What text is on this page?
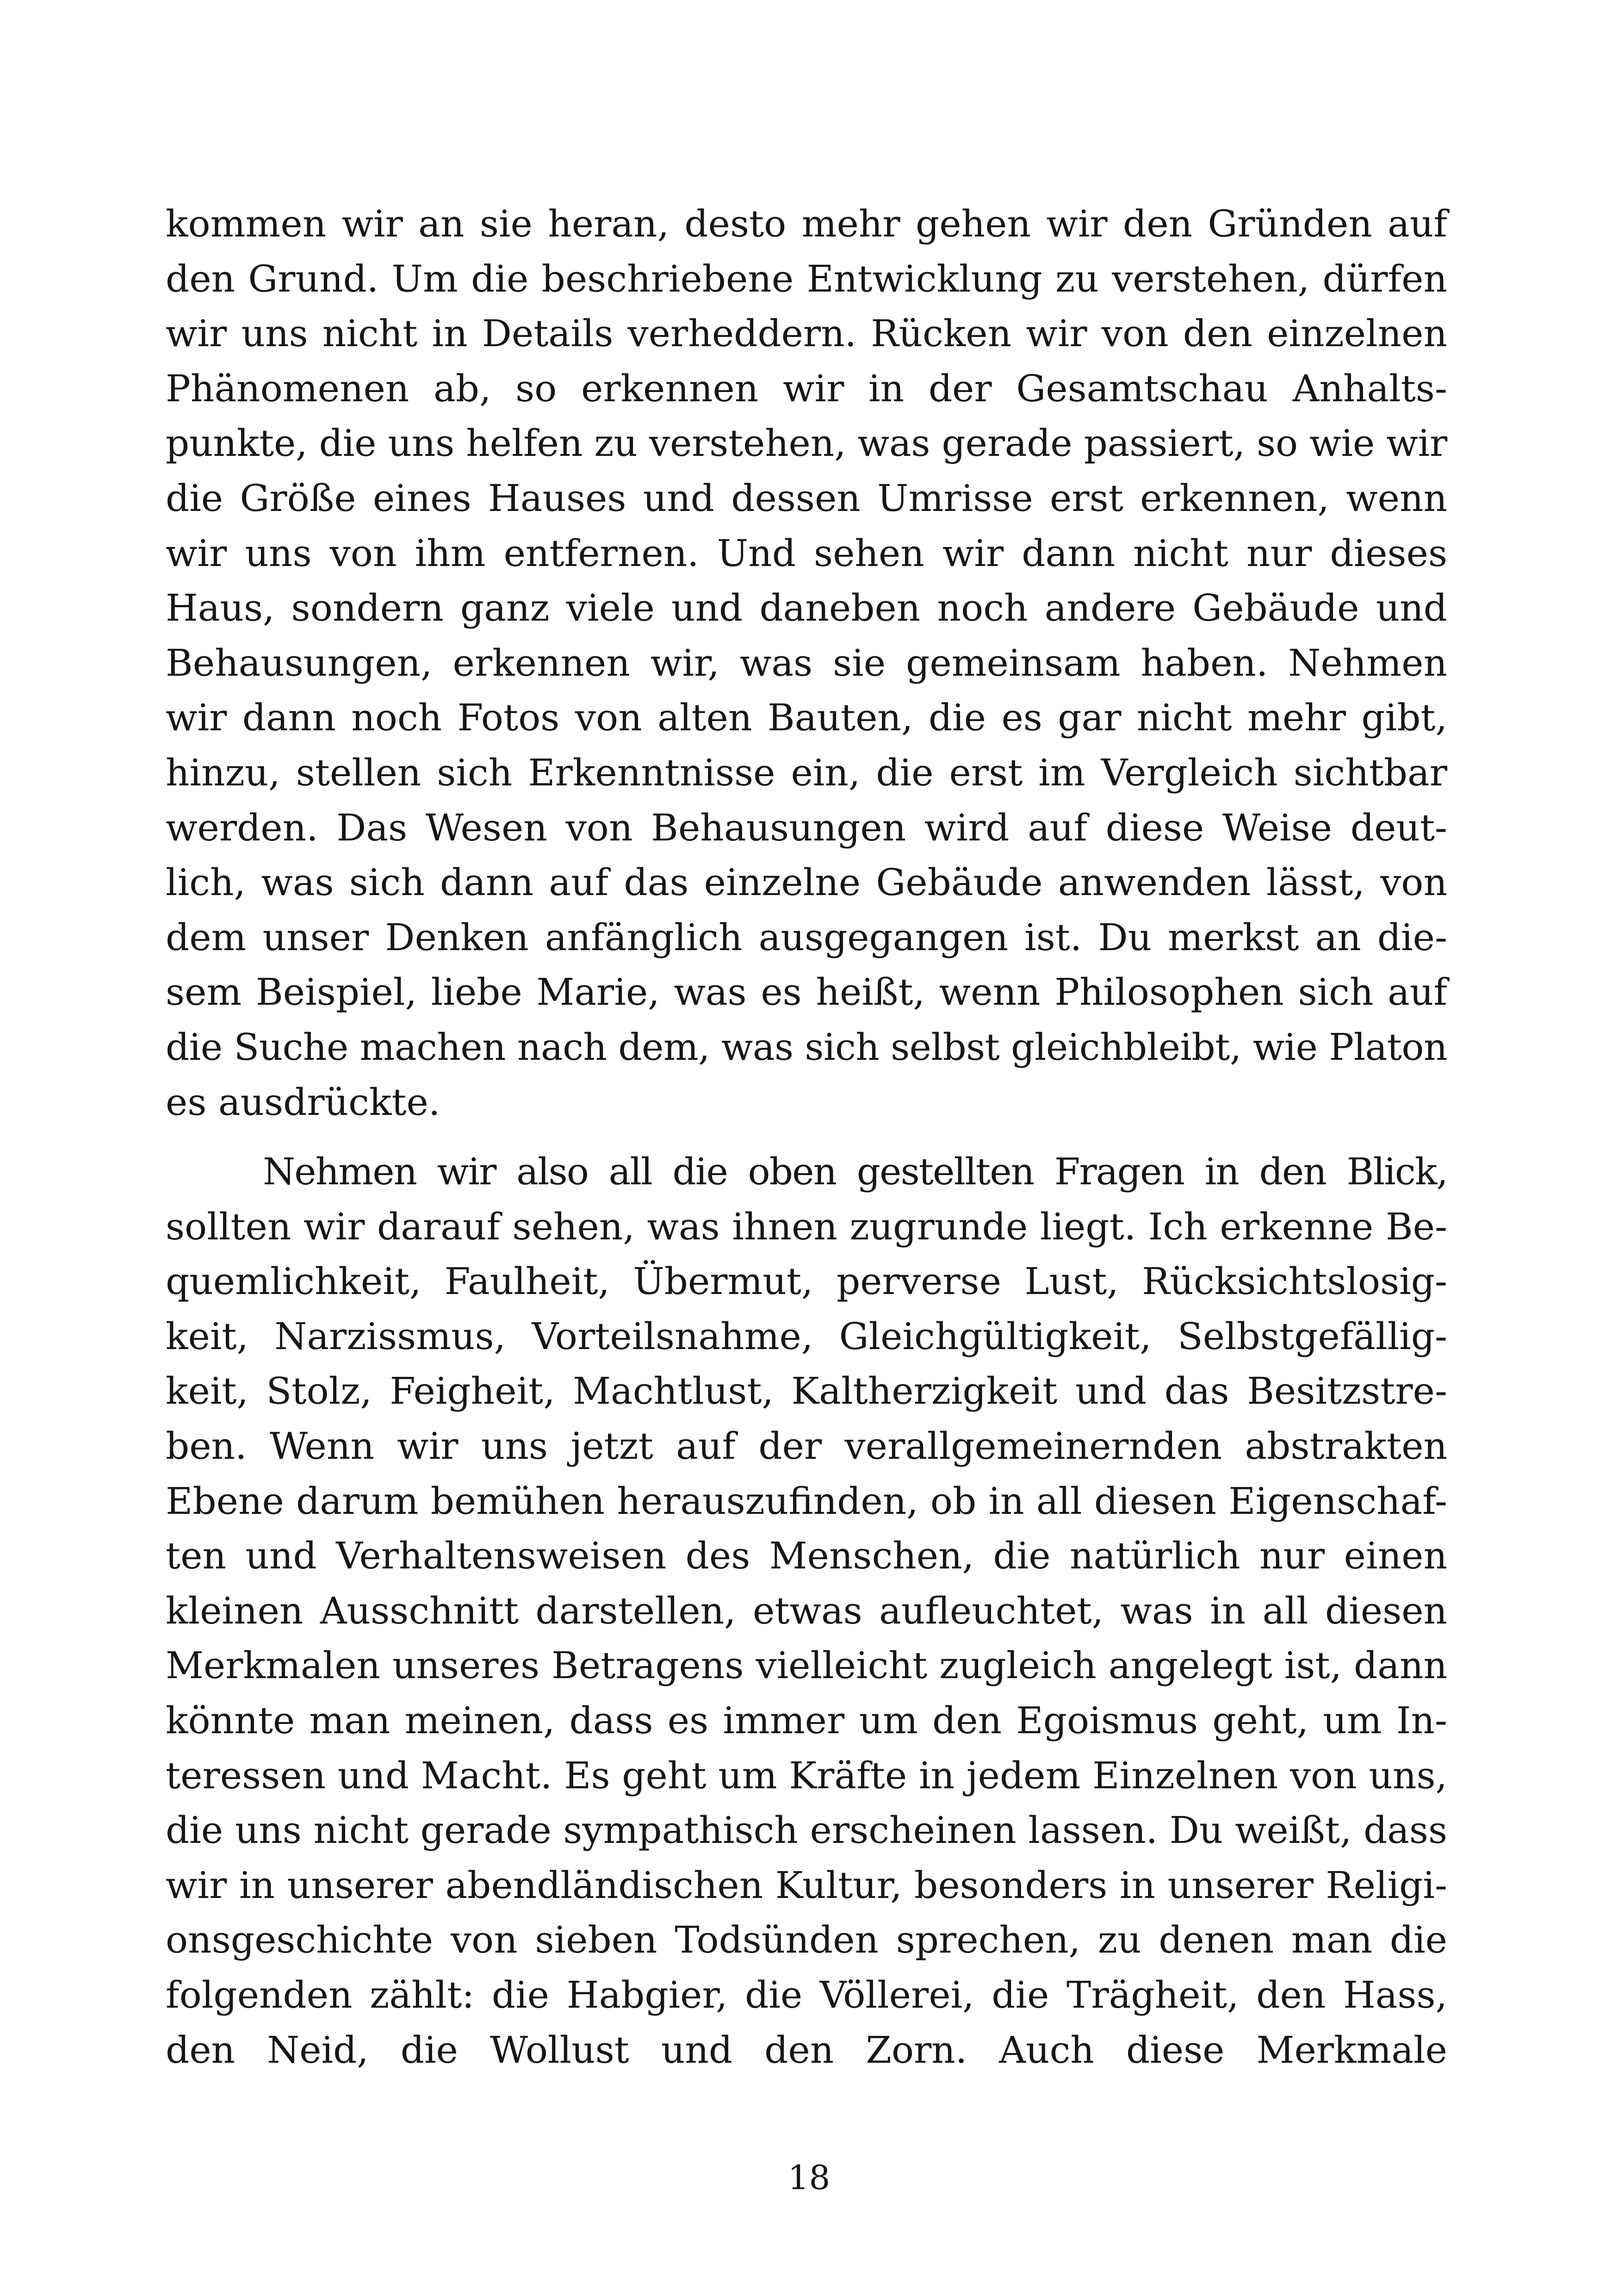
kommen wir an sie heran, desto mehr gehen wir den Gründen auf
den Grund. Um die beschriebene Entwicklung zu verstehen, dürfen
wir uns nicht in Details verheddern. Rücken wir von den einzelnen
Phänomenen ab, so erkennen wir in der Gesamtschau Anhalts-
punkte, die uns helfen zu verstehen, was gerade passiert, so wie wir
die Größe eines Hauses und dessen Umrisse erst erkennen, wenn
wir uns von ihm entfernen. Und sehen wir dann nicht nur dieses
Haus, sondern ganz viele und daneben noch andere Gebäude und
Behausungen, erkennen wir, was sie gemeinsam haben. Nehmen
wir dann noch Fotos von alten Bauten, die es gar nicht mehr gibt,
hinzu, stellen sich Erkenntnisse ein, die erst im Vergleich sichtbar
werden. Das Wesen von Behausungen wird auf diese Weise deut-
lich, was sich dann auf das einzelne Gebäude anwenden lässt, von
dem unser Denken anfänglich ausgegangen ist. Du merkst an die-
sem Beispiel, liebe Marie, was es heißt, wenn Philosophen sich auf
die Suche machen nach dem, was sich selbst gleichbleibt, wie Platon
es ausdrückte.
Nehmen wir also all die oben gestellten Fragen in den Blick,
sollten wir darauf sehen, was ihnen zugrunde liegt. Ich erkenne Be-
quemlichkeit, Faulheit, Übermut, perverse Lust, Rücksichtslosig-
keit, Narzissmus, Vorteilsnahme, Gleichgültigkeit, Selbstgefällig-
keit, Stolz, Feigheit, Machtlust, Kaltherzigkeit und das Besitzstre-
ben. Wenn wir uns jetzt auf der verallgemeinernden abstrakten
Ebene darum bemühen herauszufinden, ob in all diesen Eigenschaf-
ten und Verhaltensweisen des Menschen, die natürlich nur einen
kleinen Ausschnitt darstellen, etwas aufleuchtet, was in all diesen
Merkmalen unseres Betragens vielleicht zugleich angelegt ist, dann
könnte man meinen, dass es immer um den Egoismus geht, um In-
teressen und Macht. Es geht um Kräfte in jedem Einzelnen von uns,
die uns nicht gerade sympathisch erscheinen lassen. Du weißt, dass
wir in unserer abendländischen Kultur, besonders in unserer Religi-
onsgeschichte von sieben Todsünden sprechen, zu denen man die
folgenden zählt: die Habgier, die Völlerei, die Trägheit, den Hass,
den Neid, die Wollust und den Zorn. Auch diese Merkmale
18
